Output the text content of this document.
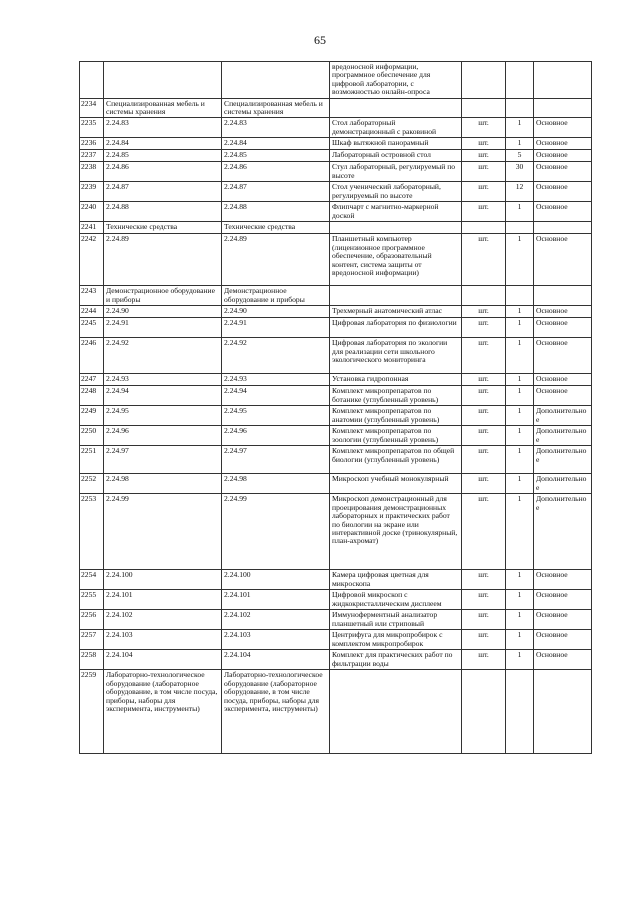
65
			вредоносной информации, программное обеспечение для цифровой лаборатории, с возможностью онлайн-опроса			
2234	Специализированная мебель и системы хранения	Специализированная мебель и системы хранения				
2235	2.24.83	2.24.83	Стол лабораторный демонстрационный с раковиной	шт.	1	Основное
2236	2.24.84	2.24.84	Шкаф вытяжной панорамный	шт.	1	Основное
2237	2.24.85	2.24.85	Лабораторный островной стол	шт.	5	Основное
2238	2.24.86	2.24.86	Стул лабораторный, регулируемый по высоте	шт.	30	Основное
2239	2.24.87	2.24.87	Стол ученический лабораторный, регулируемый по высоте	шт.	12	Основное
2240	2.24.88	2.24.88	Флипчарт с магнитно-маркерной доской	шт.	1	Основное
2241	Технические средства	Технические средства				
2242	2.24.89	2.24.89	Планшетный компьютер (лицензионное программное обеспечение, образовательный контент, система защиты от вредоносной информации)	шт.	1	Основное
2243	Демонстрационное оборудование и приборы	Демонстрационное оборудование и приборы				
2244	2.24.90	2.24.90	Трехмерный анатомический атлас	шт.	1	Основное
2245	2.24.91	2.24.91	Цифровая лаборатория по физиологии	шт.	1	Основное
2246	2.24.92	2.24.92	Цифровая лаборатория по экологии для реализации сети школьного экологического мониторинга	шт.	1	Основное
2247	2.24.93	2.24.93	Установка гидропонная	шт.	1	Основное
2248	2.24.94	2.24.94	Комплект микропрепаратов по ботанике (углубленный уровень)	шт.	1	Основное
2249	2.24.95	2.24.95	Комплект микропрепаратов по анатомии (углубленный уровень)	шт.	1	Дополнительное
2250	2.24.96	2.24.96	Комплект микропрепаратов по зоологии (углубленный уровень)	шт.	1	Дополнительное
2251	2.24.97	2.24.97	Комплект микропрепаратов по общей биологии (углубленный уровень)	шт.	1	Дополнительное
2252	2.24.98	2.24.98	Микроскоп учебный монокулярный	шт.	1	Дополнительное
2253	2.24.99	2.24.99	Микроскоп демонстрационный для проецирования демонстрационных лабораторных и практических работ по биологии на экране или интерактивной доске (тринокулярный, план-ахромат)	шт.	1	Дополнительное
2254	2.24.100	2.24.100	Камера цифровая цветная для микроскопа	шт.	1	Основное
2255	2.24.101	2.24.101	Цифровой микроскоп с жидкокристаллическим дисплеем	шт.	1	Основное
2256	2.24.102	2.24.102	Иммуноферментный анализатор планшетный или стриповый	шт.	1	Основное
2257	2.24.103	2.24.103	Центрифуга для микропробирок с комплектом микропробирок	шт.	1	Основное
2258	2.24.104	2.24.104	Комплект для практических работ по фильтрации воды	шт.	1	Основное
2259	Лабораторно-технологическое оборудование (лабораторное оборудование, в том числе посуда, приборы, наборы для эксперимента, инструменты)	Лабораторно-технологическое оборудование (лабораторное оборудование, в том числе посуда, приборы, наборы для эксперимента, инструменты)				
